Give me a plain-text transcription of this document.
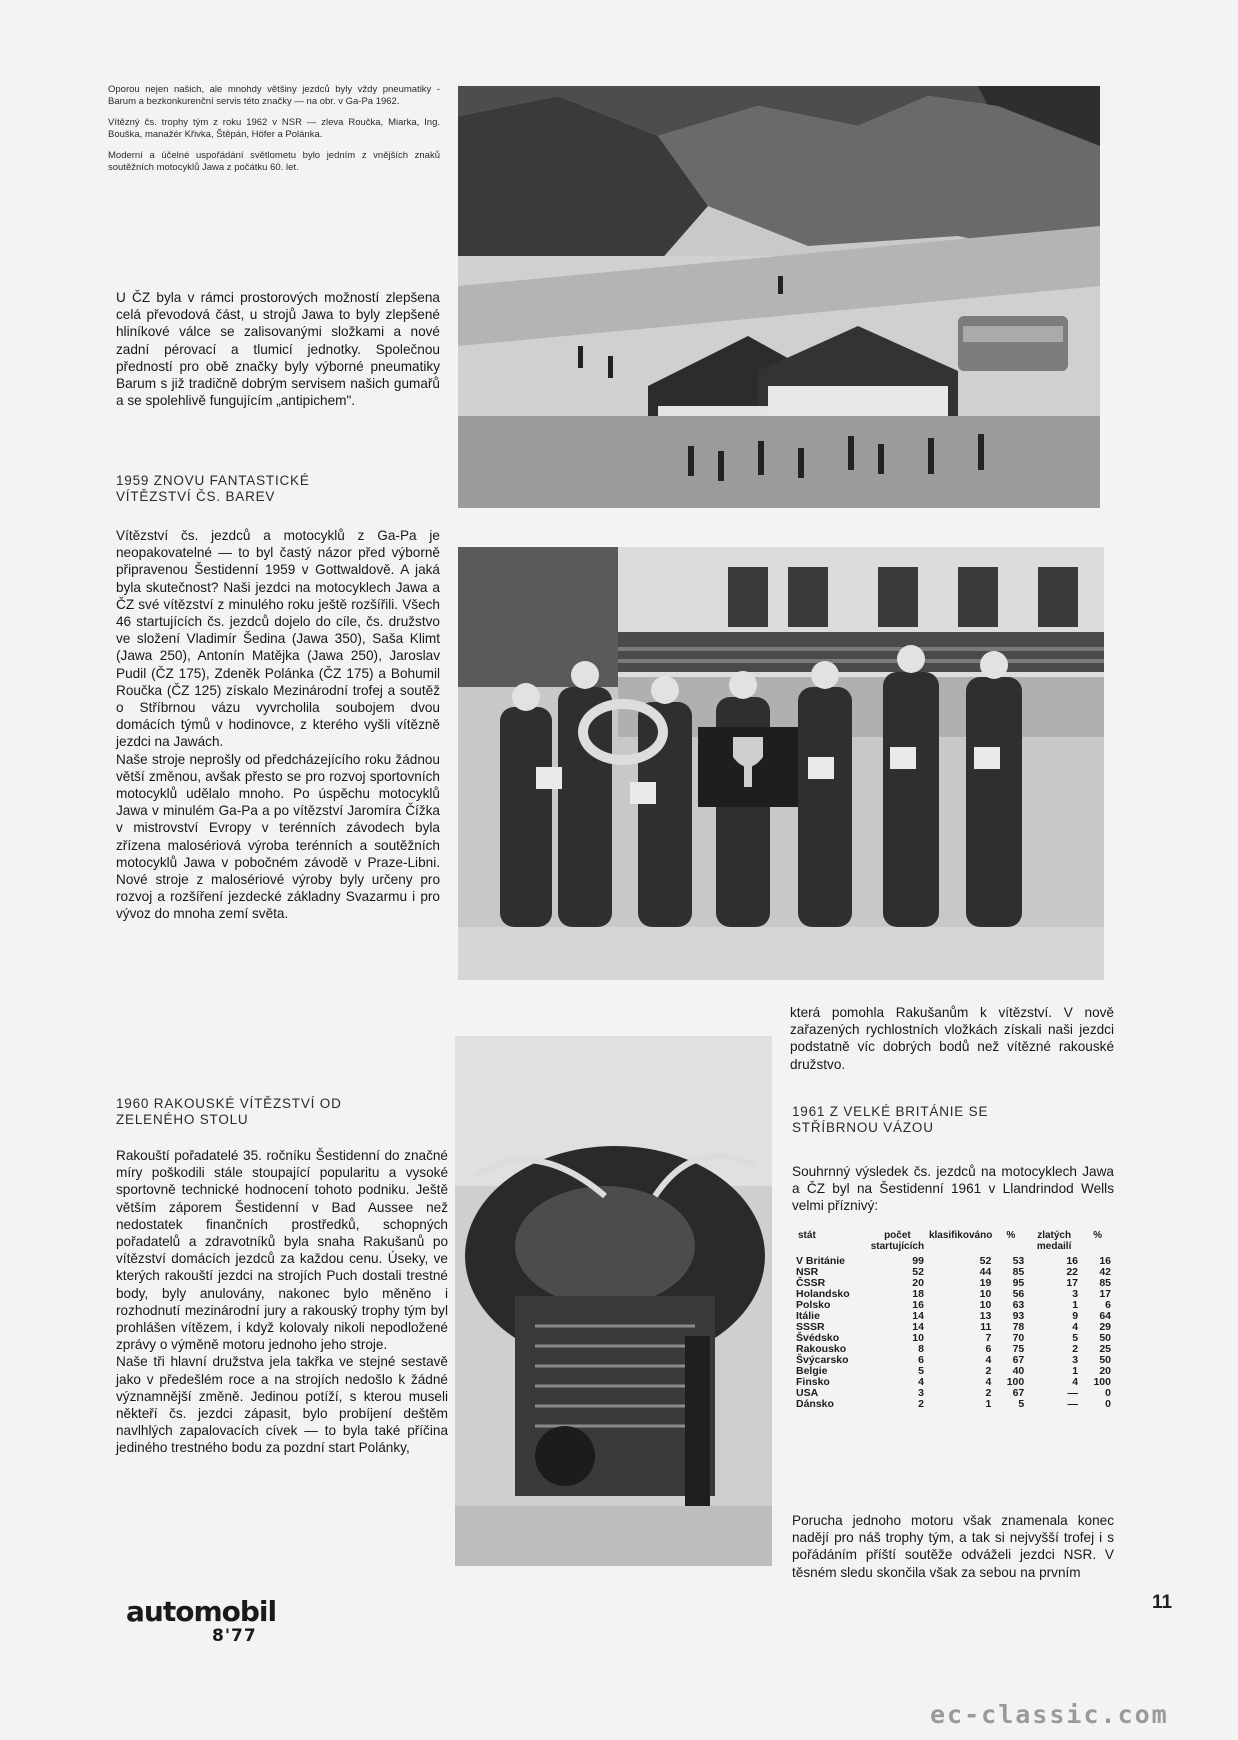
Oporou nejen našich, ale mnohdy většiny jezdců byly vždy pneumatiky - Barum a bezkonkurenční servis této značky — na obr. v Ga-Pa 1962.

Vítězný čs. trophy tým z roku 1962 v NSR — zleva Roučka, Miarka, Ing. Bouška, manažér Křivka, Štěpán, Höfer a Polánka.

Moderní a účelné uspořádání světlometu bylo jedním z vnějších znaků soutěžních motocyklů Jawa z počátku 60. let.

U ČZ byla v rámci prostorových možností zlepšena celá převodová část, u strojů Jawa to byly zlepšené hliníkové válce se zalisovanými složkami a nové zadní pérovací a tlumicí jednotky. Společnou předností pro obě značky byly výborné pneumatiky Barum s již tradičně dobrým servisem našich gumařů a se spolehlivě fungujícím „antipichem".

1959 ZNOVU FANTASTICKÉ VÍTĚZSTVÍ ČS. BAREV

Vítězství čs. jezdců a motocyklů z Ga-Pa je neopakovatelné — to byl častý názor před výborně připravenou Šestidenní 1959 v Gottwaldově. A jaká byla skutečnost? Naši jezdci na motocyklech Jawa a ČZ své vítězství z minulého roku ještě rozšířili. Všech 46 startujících čs. jezdců dojelo do cíle, čs. družstvo ve složení Vladimír Šedina (Jawa 350), Saša Klimt (Jawa 250), Antonín Matějka (Jawa 250), Jaroslav Pudil (ČZ 175), Zdeněk Polánka (ČZ 175) a Bohumil Roučka (ČZ 125) získalo Mezinárodní trofej a soutěž o Stříbrnou vázu vyvrcholila soubojem dvou domácích týmů v hodinovce, z kterého vyšli vítězně jezdci na Jawách.

Naše stroje neprošly od předcházejícího roku žádnou větší změnou, avšak přesto se pro rozvoj sportovních motocyklů udělalo mnoho. Po úspěchu motocyklů Jawa v minulém Ga-Pa a po vítězství Jaromíra Čížka v mistrovství Evropy v terénních závodech byla zřízena malosériová výroba terénních a soutěžních motocyklů Jawa v pobočném závodě v Praze-Libni. Nové stroje z malosériové výroby byly určeny pro rozvoj a rozšíření jezdecké základny Svazarmu i pro vývoz do mnoha zemí světa.

1960 RAKOUSKÉ VÍTĚZSTVÍ OD ZELENÉHO STOLU

Rakouští pořadatelé 35. ročníku Šestidenní do značné míry poškodili stále stoupající popularitu a vysoké sportovně technické hodnocení tohoto podniku. Ještě větším záporem Šestidenní v Bad Aussee než nedostatek finančních prostředků, schopných pořadatelů a zdravotníků byla snaha Rakušanů po vítězství domácích jezdců za každou cenu. Úseky, ve kterých rakouští jezdci na strojích Puch dostali trestné body, byly anulovány, nakonec bylo měněno i rozhodnutí mezinárodní jury a rakouský trophy tým byl prohlášen vítězem, i když kolovaly nikoli nepodložené zprávy o výměně motoru jednoho jeho stroje.

Naše tři hlavní družstva jela takřka ve stejné sestavě jako v předešlém roce a na strojích nedošlo k žádné významnější změně. Jedinou potíží, s kterou museli někteří čs. jezdci zápasit, bylo probíjení deštěm navlhlých zapalovacích cívek — to byla také příčina jediného trestného bodu za pozdní start Polánky,

která pomohla Rakušanům k vítězství. V nově zařazených rychlostních vložkách získali naši jezdci podstatně víc dobrých bodů než vítězné rakouské družstvo.

1961 Z VELKÉ BRITÁNIE SE STŘÍBRNOU VÁZOU

Souhrnný výsledek čs. jezdců na motocyklech Jawa a ČZ byl na Šestidenní 1961 v Llandrindod Wells velmi příznivý:

stát	počet startujících	klasifikováno	%	zlatých medailí	%
V Británie	99	52	53	16	16
NSR	52	44	85	22	42
ČSSR	20	19	95	17	85
Holandsko	18	10	56	3	17
Polsko	16	10	63	1	6
Itálie	14	13	93	9	64
SSSR	14	11	78	4	29
Švédsko	10	7	70	5	50
Rakousko	8	6	75	2	25
Švýcarsko	6	4	67	3	50
Belgie	5	2	40	1	20
Finsko	4	4	100	4	100
USA	3	2	67	—	0
Dánsko	2	1	5	—	0

Porucha jednoho motoru však znamenala konec nadějí pro náš trophy tým, a tak si nejvyšší trofej i s pořádáním příští soutěže odváželi jezdci NSR. V těsném sledu skončila však za sebou na prvním

automobil
8'77
11
ec-classic.com
